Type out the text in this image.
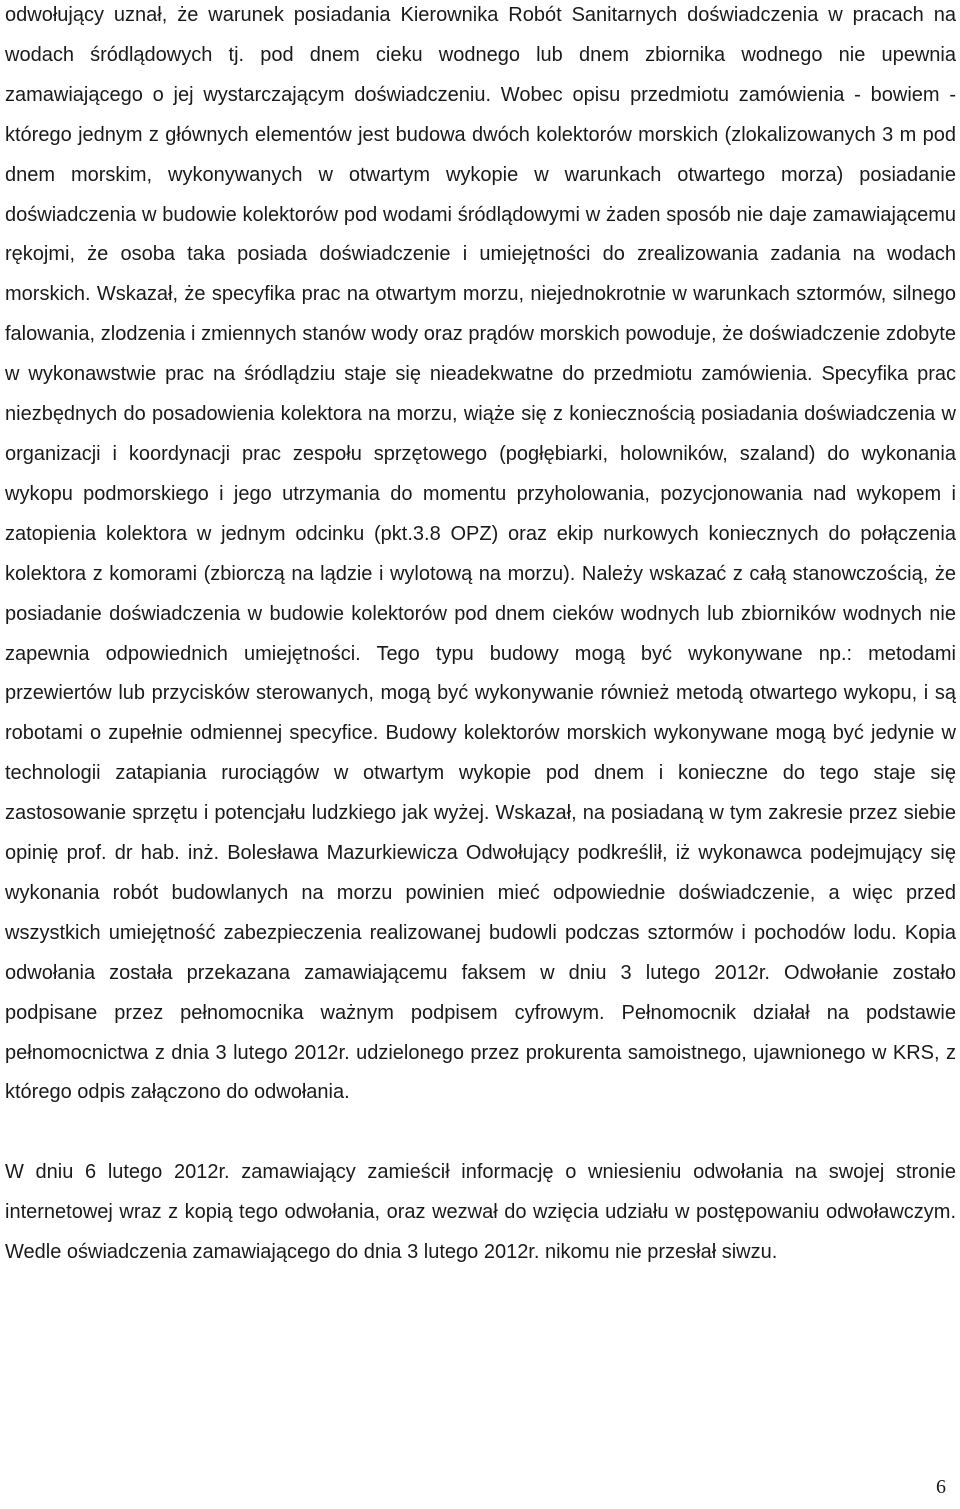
odwołujący uznał, że warunek posiadania Kierownika Robót Sanitarnych doświadczenia w pracach na wodach śródlądowych tj. pod dnem cieku wodnego lub dnem zbiornika wodnego nie upewnia zamawiającego o jej wystarczającym doświadczeniu. Wobec opisu przedmiotu zamówienia - bowiem -którego jednym z głównych elementów jest budowa dwóch kolektorów morskich (zlokalizowanych 3 m pod dnem morskim, wykonywanych w otwartym wykopie w warunkach otwartego morza) posiadanie doświadczenia w budowie kolektorów pod wodami śródlądowymi w żaden sposób nie daje zamawiającemu rękojmi, że osoba taka posiada doświadczenie i umiejętności do zrealizowania zadania na wodach morskich. Wskazał, że specyfika prac na otwartym morzu, niejednokrotnie w warunkach sztormów, silnego falowania, zlodzenia i zmiennych stanów wody oraz prądów morskich powoduje, że doświadczenie zdobyte w wykonawstwie prac na śródlądziu staje się nieadekwatne do przedmiotu zamówienia. Specyfika prac niezbędnych do posadowienia kolektora na morzu, wiąże się z koniecznością posiadania doświadczenia w organizacji i koordynacji prac zespołu sprzętowego (pogłębiarki, holowników, szaland) do wykonania wykopu podmorskiego i jego utrzymania do momentu przyholowania, pozycjonowania nad wykopem i zatopienia kolektora w jednym odcinku (pkt.3.8 OPZ) oraz ekip nurkowych koniecznych do połączenia kolektora z komorami (zbiorczą na lądzie i wylotową na morzu). Należy wskazać z całą stanowczością, że posiadanie doświadczenia w budowie kolektorów pod dnem cieków wodnych lub zbiorników wodnych nie zapewnia odpowiednich umiejętności. Tego typu budowy mogą być wykonywane np.: metodami przewiertów lub przycisków sterowanych, mogą być wykonywanie również metodą otwartego wykopu, i są robotami o zupełnie odmiennej specyfice. Budowy kolektorów morskich wykonywane mogą być jedynie w technologii zatapiania rurociągów w otwartym wykopie pod dnem i konieczne do tego staje się zastosowanie sprzętu i potencjału ludzkiego jak wyżej. Wskazał, na posiadaną w tym zakresie przez siebie opinię prof. dr hab. inż. Bolesława Mazurkiewicza Odwołujący podkreślił, iż wykonawca podejmujący się wykonania robót budowlanych na morzu powinien mieć odpowiednie doświadczenie, a więc przed wszystkich umiejętność zabezpieczenia realizowanej budowli podczas sztormów i pochodów lodu. Kopia odwołania została przekazana zamawiającemu faksem w dniu 3 lutego 2012r. Odwołanie zostało podpisane przez pełnomocnika ważnym podpisem cyfrowym. Pełnomocnik działał na podstawie pełnomocnictwa z dnia 3 lutego 2012r. udzielonego przez prokurenta samoistnego, ujawnionego w KRS, z którego odpis załączono do odwołania.

W dniu 6 lutego 2012r. zamawiający zamieścił informację o wniesieniu odwołania na swojej stronie internetowej wraz z kopią tego odwołania, oraz wezwał do wzięcia udziału w postępowaniu odwoławczym. Wedle oświadczenia zamawiającego do dnia 3 lutego 2012r. nikomu nie przesłał siwzu.

6
